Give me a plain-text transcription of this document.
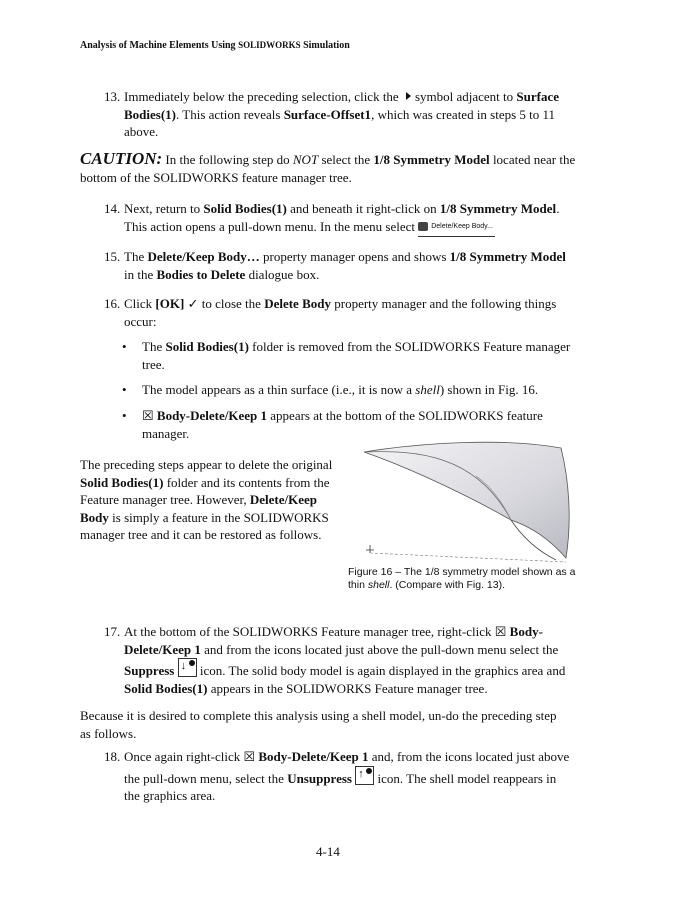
Analysis of Machine Elements Using SOLIDWORKS Simulation
13. Immediately below the preceding selection, click the symbol adjacent to Surface Bodies(1). This action reveals Surface-Offset1, which was created in steps 5 to 11 above.
CAUTION: In the following step do NOT select the 1/8 Symmetry Model located near the bottom of the SOLIDWORKS feature manager tree.
14. Next, return to Solid Bodies(1) and beneath it right-click on 1/8 Symmetry Model. This action opens a pull-down menu. In the menu select Delete/Keep Body...
15. The Delete/Keep Body… property manager opens and shows 1/8 Symmetry Model in the Bodies to Delete dialogue box.
16. Click [OK] ✓ to close the Delete Body property manager and the following things occur:
• The Solid Bodies(1) folder is removed from the SOLIDWORKS Feature manager tree.
• The model appears as a thin surface (i.e., it is now a shell) shown in Fig. 16.
• ☒ Body-Delete/Keep 1 appears at the bottom of the SOLIDWORKS feature manager.
The preceding steps appear to delete the original Solid Bodies(1) folder and its contents from the Feature manager tree. However, Delete/Keep Body is simply a feature in the SOLIDWORKS manager tree and it can be restored as follows.
Figure 16 – The 1/8 symmetry model shown as a thin shell. (Compare with Fig. 13).
17. At the bottom of the SOLIDWORKS Feature manager tree, right-click ☒ Body-Delete/Keep 1 and from the icons located just above the pull-down menu select the Suppress ↓ icon. The solid body model is again displayed in the graphics area and Solid Bodies(1) appears in the SOLIDWORKS Feature manager tree.
Because it is desired to complete this analysis using a shell model, un-do the preceding step as follows.
18. Once again right-click ☒ Body-Delete/Keep 1 and, from the icons located just above the pull-down menu, select the Unsuppress ↑ icon. The shell model reappears in the graphics area.
4-14
